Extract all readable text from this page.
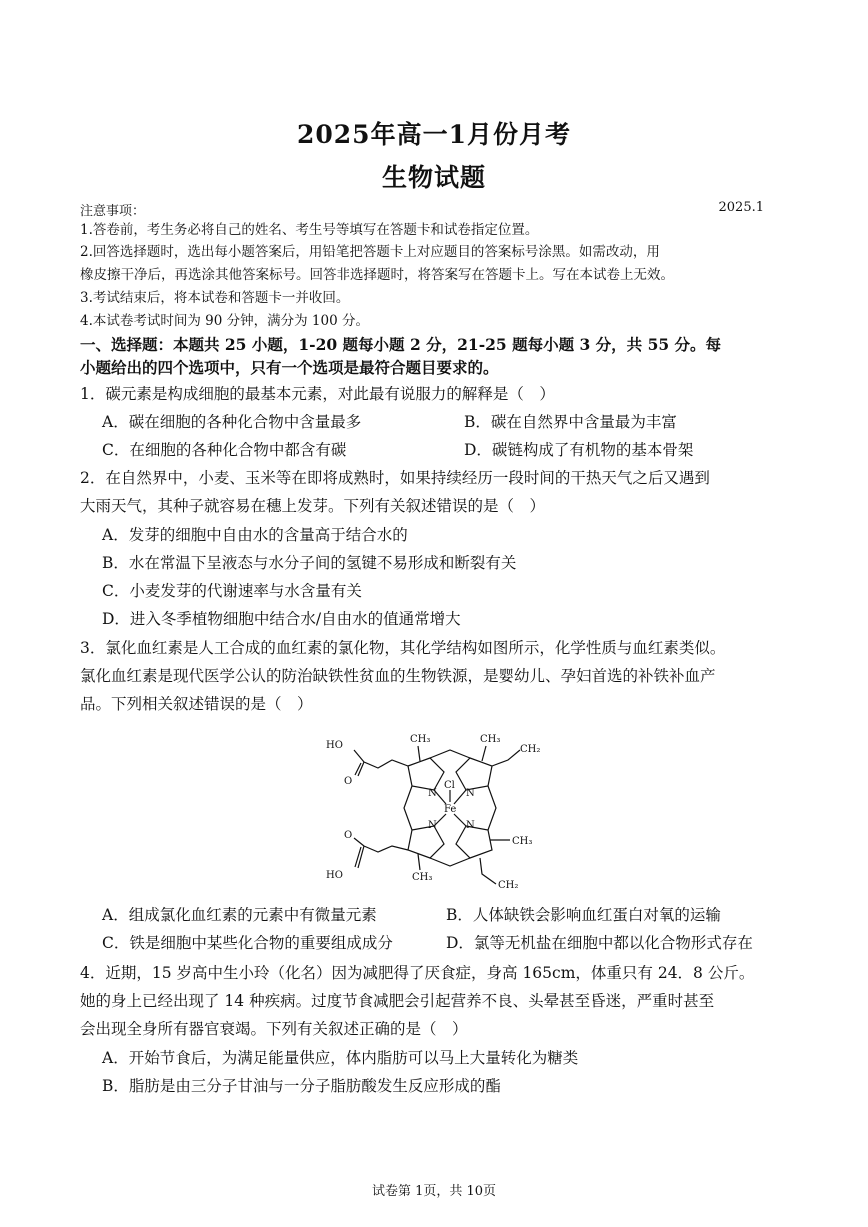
2025年高一1月份月考
生物试题
注意事项：	2025.1
1.答卷前，考生务必将自己的姓名、考生号等填写在答题卡和试卷指定位置。
2.回答选择题时，选出每小题答案后，用铅笔把答题卡上对应题目的答案标号涂黑。如需改动，用
橡皮擦干净后，再选涂其他答案标号。回答非选择题时，将答案写在答题卡上。写在本试卷上无效。
3.考试结束后，将本试卷和答题卡一并收回。
4.本试卷考试时间为 90 分钟，满分为 100 分。
一、选择题：本题共 25 小题，1-20 题每小题 2 分，21-25 题每小题 3 分，共 55 分。每
小题给出的四个选项中，只有一个选项是最符合题目要求的。
1．碳元素是构成细胞的最基本元素，对此最有说服力的解释是（　）
A．碳在细胞的各种化合物中含量最多	B．碳在自然界中含量最为丰富
C．在细胞的各种化合物中都含有碳	D．碳链构成了有机物的基本骨架
2．在自然界中，小麦、玉米等在即将成熟时，如果持续经历一段时间的干热天气之后又遇到
大雨天气，其种子就容易在穗上发芽。下列有关叙述错误的是（　）
A．发芽的细胞中自由水的含量高于结合水的
B．水在常温下呈液态与水分子间的氢键不易形成和断裂有关
C．小麦发芽的代谢速率与水含量有关
D．进入冬季植物细胞中结合水/自由水的值通常增大
3．氯化血红素是人工合成的血红素的氯化物，其化学结构如图所示，化学性质与血红素类似。
氯化血红素是现代医学公认的防治缺铁性贫血的生物铁源，是婴幼儿、孕妇首选的补铁补血产
品。下列相关叙述错误的是（　）
HO
O
O
HO
CH₃	CH₃
CH₂
CH₃
CH₃
CH₂
Cl
Fe
N	N
N	N
A．组成氯化血红素的元素中有微量元素	B．人体缺铁会影响血红蛋白对氧的运输
C．铁是细胞中某些化合物的重要组成成分	D．氯等无机盐在细胞中都以化合物形式存在
4．近期，15 岁高中生小玲（化名）因为减肥得了厌食症，身高 165cm，体重只有 24．8 公斤。
她的身上已经出现了 14 种疾病。过度节食减肥会引起营养不良、头晕甚至昏迷，严重时甚至
会出现全身所有器官衰竭。下列有关叙述正确的是（　）
A．开始节食后，为满足能量供应，体内脂肪可以马上大量转化为糖类
B．脂肪是由三分子甘油与一分子脂肪酸发生反应形成的酯
试卷第 1页，共 10页
